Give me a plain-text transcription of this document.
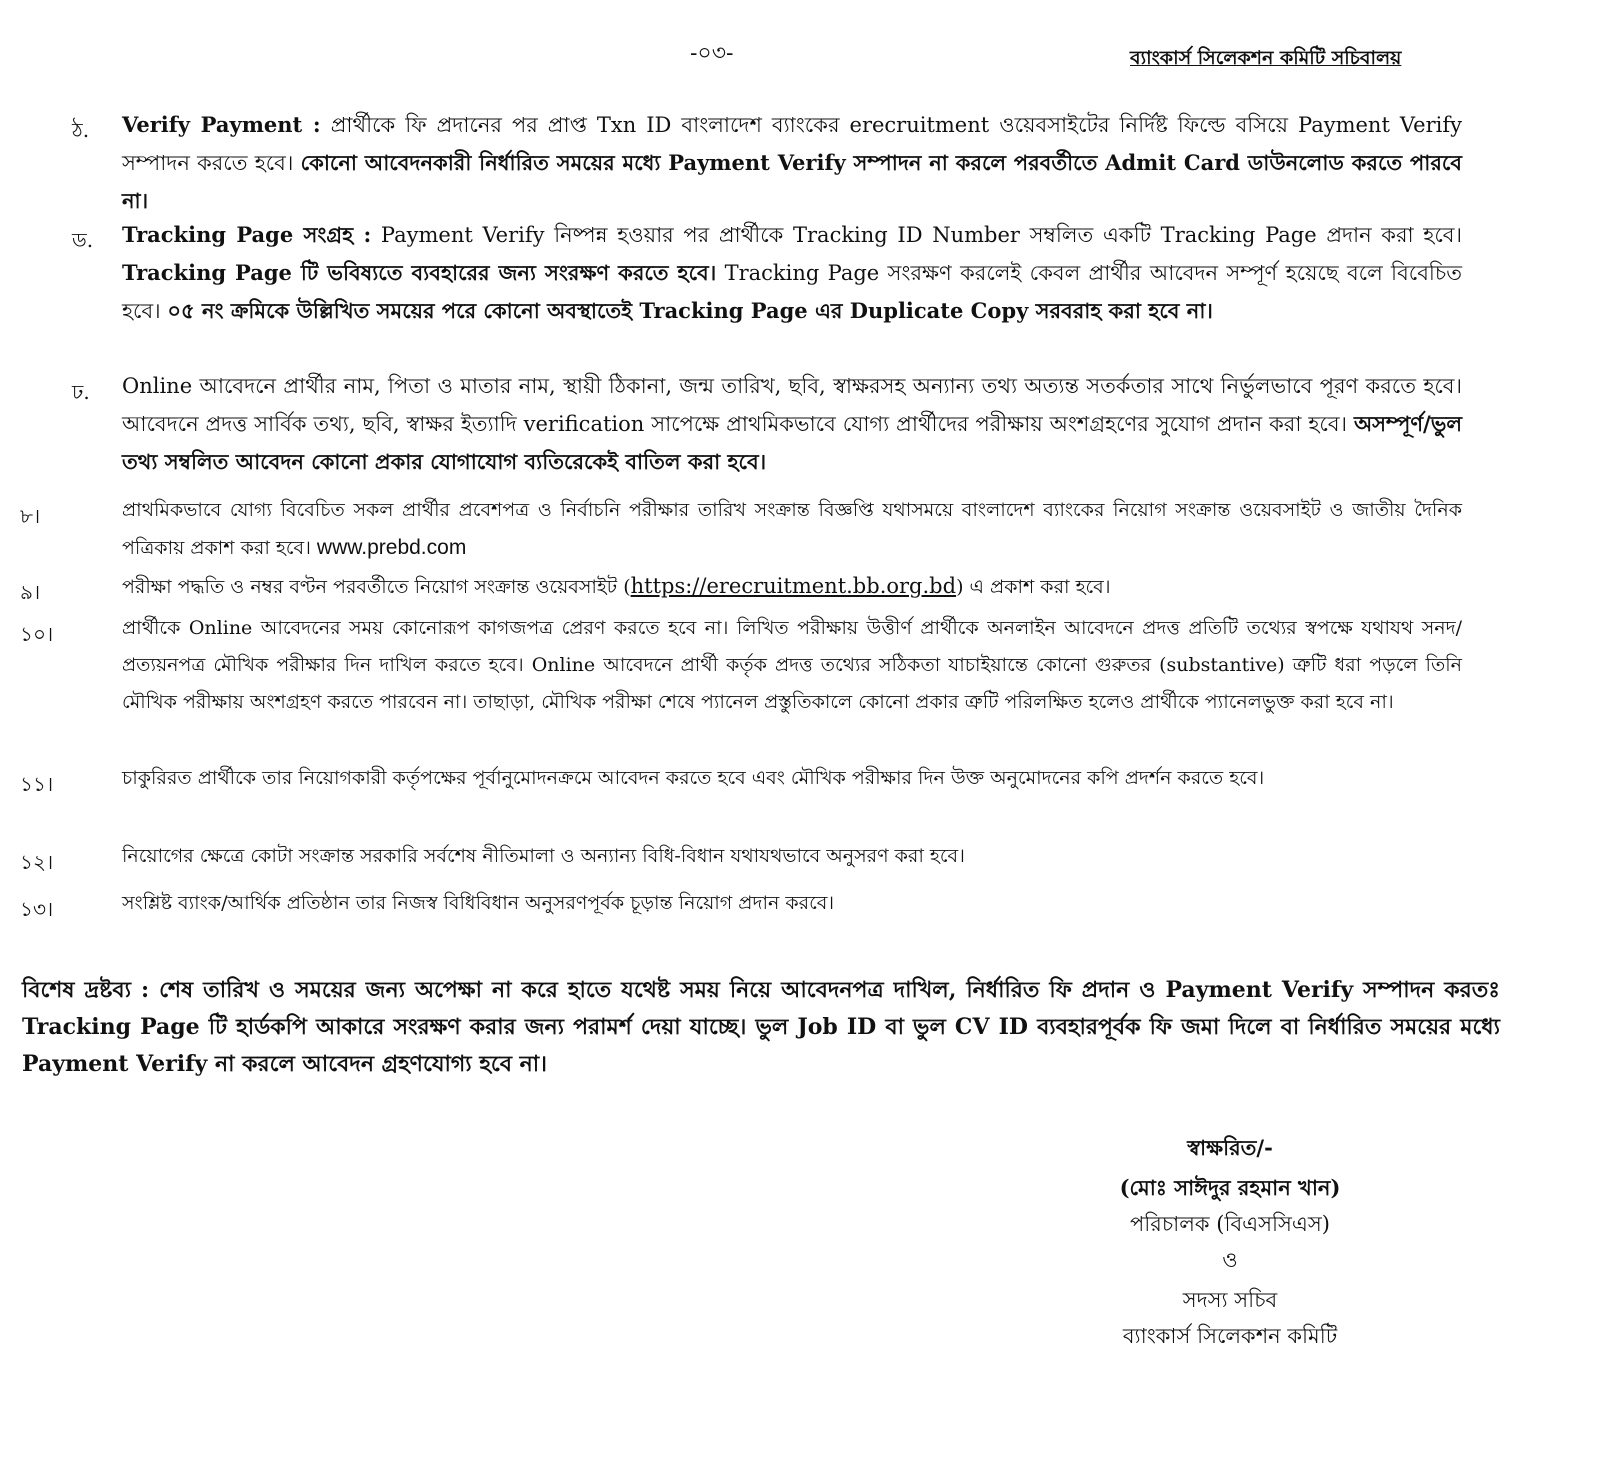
-০৩-	ব্যাংকার্স সিলেকশন কমিটি সচিবালয়
ঠ. Verify Payment : প্রার্থীকে ফি প্রদানের পর প্রাপ্ত Txn ID বাংলাদেশ ব্যাংকের erecruitment ওয়েবসাইটের নির্দিষ্ট ফিল্ডে বসিয়ে Payment Verify সম্পাদন করতে হবে। কোনো আবেদনকারী নির্ধারিত সময়ের মধ্যে Payment Verify সম্পাদন না করলে পরবর্তীতে Admit Card ডাউনলোড করতে পারবে না।
ড. Tracking Page সংগ্রহ : Payment Verify নিষ্পন্ন হওয়ার পর প্রার্থীকে Tracking ID Number সম্বলিত একটি Tracking Page প্রদান করা হবে। Tracking Page টি ভবিষ্যতে ব্যবহারের জন্য সংরক্ষণ করতে হবে। Tracking Page সংরক্ষণ করলেই কেবল প্রার্থীর আবেদন সম্পূর্ণ হয়েছে বলে বিবেচিত হবে। ০৫ নং ক্রমিকে উল্লিখিত সময়ের পরে কোনো অবস্থাতেই Tracking Page এর Duplicate Copy সরবরাহ করা হবে না।
ঢ. Online আবেদনে প্রার্থীর নাম, পিতা ও মাতার নাম, স্থায়ী ঠিকানা, জন্ম তারিখ, ছবি, স্বাক্ষরসহ অন্যান্য তথ্য অত্যন্ত সতর্কতার সাথে নির্ভুলভাবে পূরণ করতে হবে। আবেদনে প্রদত্ত সার্বিক তথ্য, ছবি, স্বাক্ষর ইত্যাদি verification সাপেক্ষে প্রাথমিকভাবে যোগ্য প্রার্থীদের পরীক্ষায় অংশগ্রহণের সুযোগ প্রদান করা হবে। অসম্পূর্ণ/ভুল তথ্য সম্বলিত আবেদন কোনো প্রকার যোগাযোগ ব্যতিরেকেই বাতিল করা হবে।
৮।	প্রাথমিকভাবে যোগ্য বিবেচিত সকল প্রার্থীর প্রবেশপত্র ও নির্বাচনি পরীক্ষার তারিখ সংক্রান্ত বিজ্ঞপ্তি যথাসময়ে বাংলাদেশ ব্যাংকের নিয়োগ সংক্রান্ত ওয়েবসাইট ও জাতীয় দৈনিক পত্রিকায় প্রকাশ করা হবে। www.prebd.com
৯।	পরীক্ষা পদ্ধতি ও নম্বর বণ্টন পরবর্তীতে নিয়োগ সংক্রান্ত ওয়েবসাইট (https://erecruitment.bb.org.bd) এ প্রকাশ করা হবে।
১০।	প্রার্থীকে Online আবেদনের সময় কোনোরূপ কাগজপত্র প্রেরণ করতে হবে না। লিখিত পরীক্ষায় উত্তীর্ণ প্রার্থীকে অনলাইন আবেদনে প্রদত্ত প্রতিটি তথ্যের স্বপক্ষে যথাযথ সনদ/প্রত্যয়নপত্র মৌখিক পরীক্ষার দিন দাখিল করতে হবে। Online আবেদনে প্রার্থী কর্তৃক প্রদত্ত তথ্যের সঠিকতা যাচাইয়ান্তে কোনো গুরুতর (substantive) ত্রুটি ধরা পড়লে তিনি মৌখিক পরীক্ষায় অংশগ্রহণ করতে পারবেন না। তাছাড়া, মৌখিক পরীক্ষা শেষে প্যানেল প্রস্তুতিকালে কোনো প্রকার ত্রুটি পরিলক্ষিত হলেও প্রার্থীকে প্যানেলভুক্ত করা হবে না।
১১।	চাকুরিরত প্রার্থীকে তার নিয়োগকারী কর্তৃপক্ষের পূর্বানুমোদনক্রমে আবেদন করতে হবে এবং মৌখিক পরীক্ষার দিন উক্ত অনুমোদনের কপি প্রদর্শন করতে হবে।
১২।	নিয়োগের ক্ষেত্রে কোটা সংক্রান্ত সরকারি সর্বশেষ নীতিমালা ও অন্যান্য বিধি-বিধান যথাযথভাবে অনুসরণ করা হবে।
১৩।	সংশ্লিষ্ট ব্যাংক/আর্থিক প্রতিষ্ঠান তার নিজস্ব বিধিবিধান অনুসরণপূর্বক চূড়ান্ত নিয়োগ প্রদান করবে।
বিশেষ দ্রষ্টব্য : শেষ তারিখ ও সময়ের জন্য অপেক্ষা না করে হাতে যথেষ্ট সময় নিয়ে আবেদনপত্র দাখিল, নির্ধারিত ফি প্রদান ও Payment Verify সম্পাদন করতঃ Tracking Page টি হার্ডকপি আকারে সংরক্ষণ করার জন্য পরামর্শ দেয়া যাচ্ছে। ভুল Job ID বা ভুল CV ID ব্যবহারপূর্বক ফি জমা দিলে বা নির্ধারিত সময়ের মধ্যে Payment Verify না করলে আবেদন গ্রহণযোগ্য হবে না।
স্বাক্ষরিত/-
(মোঃ সাঈদুর রহমান খান)
পরিচালক (বিএসসিএস)
ও
সদস্য সচিব
ব্যাংকার্স সিলেকশন কমিটি
